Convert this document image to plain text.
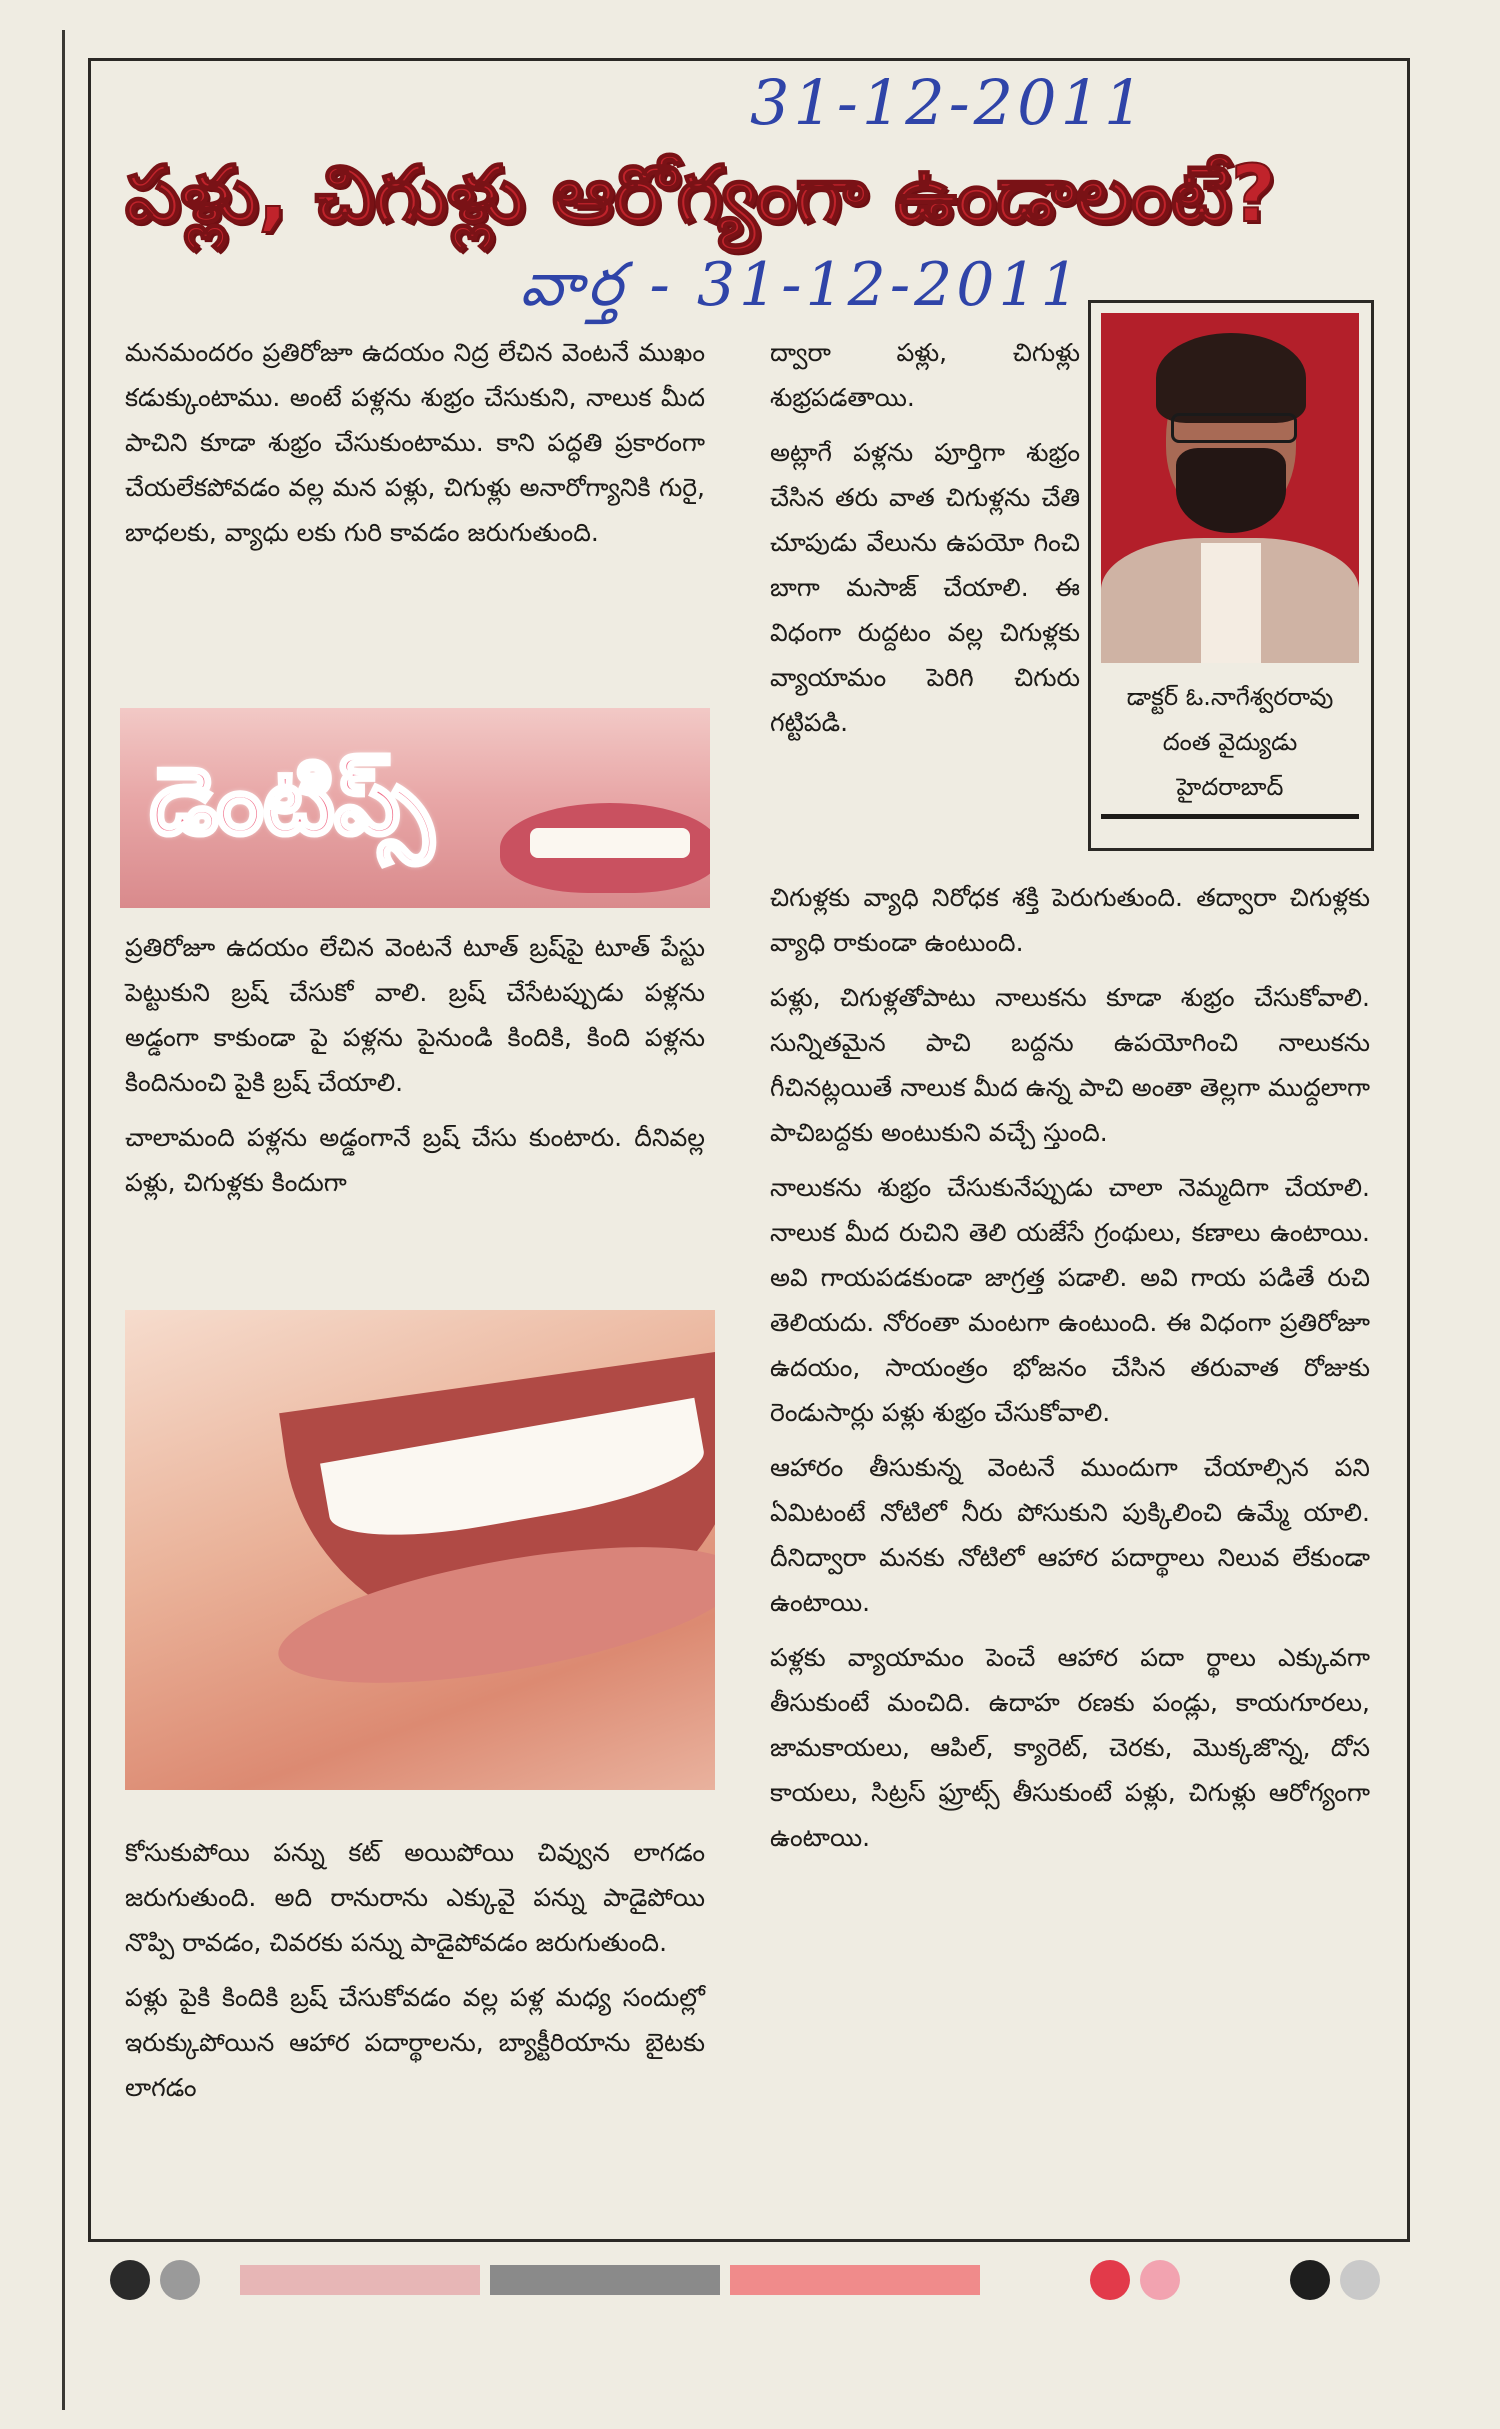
31-12-2011
వార్త - 31-12-2011
పళ్లు, చిగుళ్లు ఆరోగ్యంగా ఉండాలంటే?

మనమందరం ప్రతిరోజూ ఉదయం నిద్ర లేచిన వెంటనే ముఖం కడుక్కుంటాము. అంటే పళ్లను శుభ్రం చేసుకుని, నాలుక మీద పాచిని కూడా శుభ్రం చేసుకుంటాము. కాని పద్ధతి ప్రకారంగా చేయలేకపోవడం వల్ల మన పళ్లు, చిగుళ్లు అనారోగ్యానికి గురై, బాధలకు, వ్యాధు లకు గురి కావడం జరుగుతుంది.

డెంటిప్స్

ప్రతిరోజూ ఉదయం లేచిన వెంటనే టూత్ బ్రష్‌పై టూత్ పేస్టు పెట్టుకుని బ్రష్ చేసుకో వాలి. బ్రష్ చేసేటప్పుడు పళ్లను అడ్డంగా కాకుండా పై పళ్లను పైనుండి కిందికి, కింది పళ్లను కిందినుంచి పైకి బ్రష్ చేయాలి.

చాలామంది పళ్లను అడ్డంగానే బ్రష్ చేసు కుంటారు. దీనివల్ల పళ్లు, చిగుళ్లకు కిందుగా

కోసుకుపోయి పన్ను కట్ అయిపోయి చివ్వున లాగడం జరుగుతుంది. అది రానురాను ఎక్కువై పన్ను పాడైపోయి నొప్పి రావడం, చివరకు పన్ను పాడైపోవడం జరుగుతుంది.

పళ్లు పైకి కిందికి బ్రష్ చేసుకోవడం వల్ల పళ్ల మధ్య సందుల్లో ఇరుక్కుపోయిన ఆహార పదార్థాలను, బ్యాక్టీరియాను బైటకు లాగడం

ద్వారా పళ్లు, చిగుళ్లు శుభ్రపడతాయి.

అట్లాగే పళ్లను పూర్తిగా శుభ్రం చేసిన తరు వాత చిగుళ్లను చేతి చూపుడు వేలును ఉపయో గించి బాగా మసాజ్ చేయాలి. ఈ విధంగా రుద్దటం వల్ల చిగుళ్లకు వ్యాయామం పెరిగి చిగురు గట్టిపడి.

డాక్టర్ ఓ.నాగేశ్వరరావు
దంత వైద్యుడు
హైదరాబాద్

చిగుళ్లకు వ్యాధి నిరోధక శక్తి పెరుగుతుంది. తద్వారా చిగుళ్లకు వ్యాధి రాకుండా ఉంటుంది.

పళ్లు, చిగుళ్లతోపాటు నాలుకను కూడా శుభ్రం చేసుకోవాలి. సున్నితమైన పాచి బద్దను ఉపయోగించి నాలుకను గీచినట్లయితే నాలుక మీద ఉన్న పాచి అంతా తెల్లగా ముద్దలాగా పాచిబద్దకు అంటుకుని వచ్చే స్తుంది.

నాలుకను శుభ్రం చేసుకునేప్పుడు చాలా నెమ్మదిగా చేయాలి. నాలుక మీద రుచిని తెలి యజేసే గ్రంథులు, కణాలు ఉంటాయి. అవి గాయపడకుండా జాగ్రత్త పడాలి. అవి గాయ పడితే రుచి తెలియదు. నోరంతా మంటగా ఉంటుంది. ఈ విధంగా ప్రతిరోజూ ఉదయం, సాయంత్రం భోజనం చేసిన తరువాత రోజుకు రెండుసార్లు పళ్లు శుభ్రం చేసుకోవాలి.

ఆహారం తీసుకున్న వెంటనే ముందుగా చేయాల్సిన పని ఏమిటంటే నోటిలో నీరు పోసుకుని పుక్కిలించి ఉమ్మే యాలి. దీనిద్వారా మనకు నోటిలో ఆహార పదార్థాలు నిలువ లేకుండా ఉంటాయి.

పళ్లకు వ్యాయామం పెంచే ఆహార పదా ర్థాలు ఎక్కువగా తీసుకుంటే మంచిది. ఉదాహ రణకు పండ్లు, కాయగూరలు, జామకాయలు, ఆపిల్, క్యారెట్, చెరకు, మొక్కజొన్న, దోస కాయలు, సిట్రస్ ఫ్రూట్స్ తీసుకుంటే పళ్లు, చిగుళ్లు ఆరోగ్యంగా ఉంటాయి.
